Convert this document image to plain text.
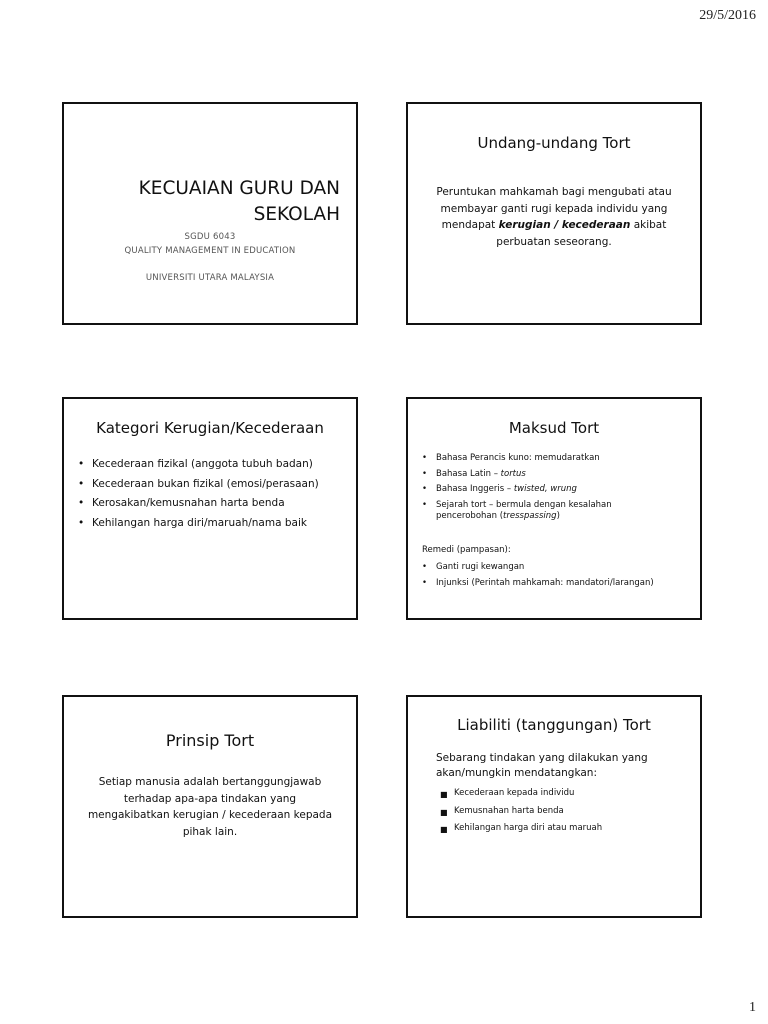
29/5/2016
KECUAIAN GURU DAN
SEKOLAH
SGDU 6043
QUALITY MANAGEMENT IN EDUCATION
UNIVERSITI UTARA MALAYSIA
Undang-undang Tort
Peruntukan mahkamah bagi mengubati atau
membayar ganti rugi kepada individu yang
mendapat kerugian / kecederaan akibat
perbuatan seseorang.
Kategori Kerugian/Kecederaan
• Kecederaan fizikal (anggota tubuh badan)
• Kecederaan bukan fizikal (emosi/perasaan)
• Kerosakan/kemusnahan harta benda
• Kehilangan harga diri/maruah/nama baik
Maksud Tort
• Bahasa Perancis kuno: memudaratkan
• Bahasa Latin – tortus
• Bahasa Inggeris – twisted, wrung
• Sejarah tort – bermula dengan kesalahan
pencerobohan (tresspassing)
Remedi (pampasan):
• Ganti rugi kewangan
• Injunksi (Perintah mahkamah: mandatori/larangan)
Prinsip Tort
Setiap manusia adalah bertanggungjawab
terhadap apa-apa tindakan yang
mengakibatkan kerugian / kecederaan kepada
pihak lain.
Liabiliti (tanggungan) Tort
Sebarang tindakan yang dilakukan yang
akan/mungkin mendatangkan:
■ Kecederaan kepada individu
■ Kemusnahan harta benda
■ Kehilangan harga diri atau maruah
1
